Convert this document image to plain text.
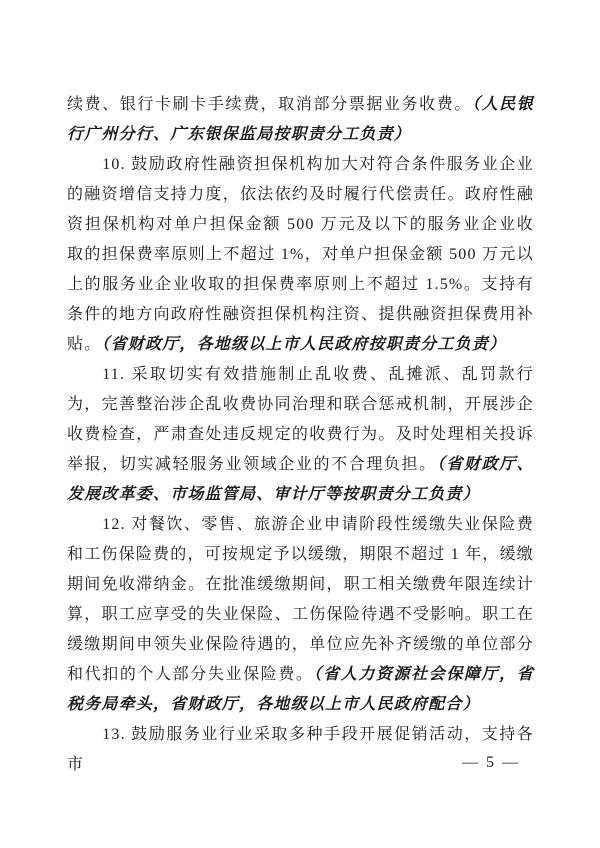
续费、银行卡刷卡手续费，取消部分票据业务收费。（人民银行广州分行、广东银保监局按职责分工负责）

10. 鼓励政府性融资担保机构加大对符合条件服务业企业的融资增信支持力度，依法依约及时履行代偿责任。政府性融资担保机构对单户担保金额 500 万元及以下的服务业企业收取的担保费率原则上不超过 1%，对单户担保金额 500 万元以上的服务业企业收取的担保费率原则上不超过 1.5%。支持有条件的地方向政府性融资担保机构注资、提供融资担保费用补贴。（省财政厅，各地级以上市人民政府按职责分工负责）

11. 采取切实有效措施制止乱收费、乱摊派、乱罚款行为，完善整治涉企乱收费协同治理和联合惩戒机制，开展涉企收费检查，严肃查处违反规定的收费行为。及时处理相关投诉举报，切实减轻服务业领域企业的不合理负担。（省财政厅、发展改革委、市场监管局、审计厅等按职责分工负责）

12. 对餐饮、零售、旅游企业申请阶段性缓缴失业保险费和工伤保险费的，可按规定予以缓缴，期限不超过 1 年，缓缴期间免收滞纳金。在批准缓缴期间，职工相关缴费年限连续计算，职工应享受的失业保险、工伤保险待遇不受影响。职工在缓缴期间申领失业保险待遇的，单位应先补齐缓缴的单位部分和代扣的个人部分失业保险费。（省人力资源社会保障厅，省税务局牵头，省财政厅，各地级以上市人民政府配合）

13. 鼓励服务业行业采取多种手段开展促销活动，支持各市	— 5 —
